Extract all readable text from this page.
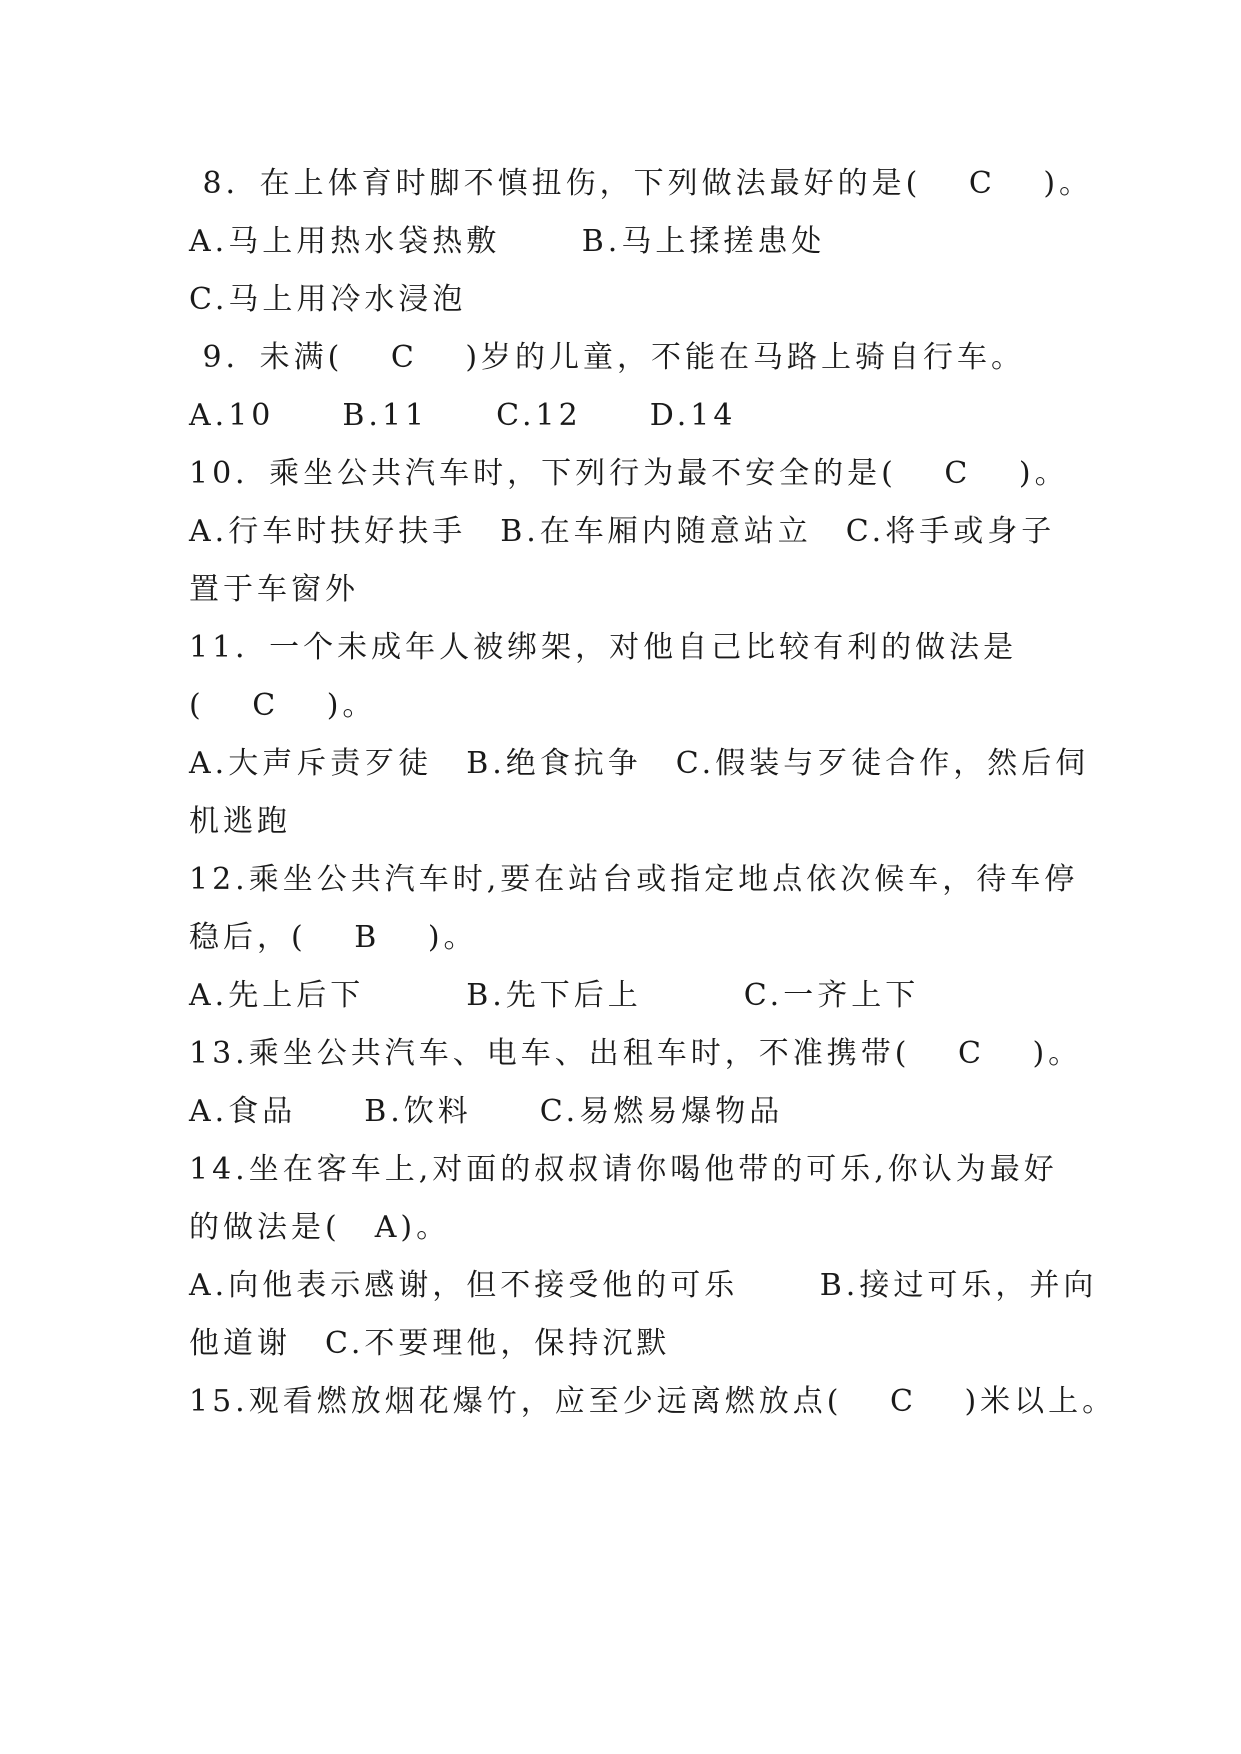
8．在上体育时脚不慎扭伤，下列做法最好的是(　 C 　)。
A.马上用热水袋热敷　　 B.马上揉搓患处
C.马上用冷水浸泡
9．未满(　 C 　)岁的儿童，不能在马路上骑自行车。
A.10　　B.11　　C.12　　D.14
10．乘坐公共汽车时，下列行为最不安全的是(　 C 　)。
A.行车时扶好扶手　B.在车厢内随意站立　C.将手或身子
置于车窗外
11．一个未成年人被绑架，对他自己比较有利的做法是
(　 C 　)。
A.大声斥责歹徒　B.绝食抗争　C.假装与歹徒合作，然后伺
机逃跑
12.乘坐公共汽车时,要在站台或指定地点依次候车，待车停
稳后，(　 B 　)。
A.先上后下　　　B.先下后上　　　C.一齐上下
13.乘坐公共汽车、电车、出租车时，不准携带(　 C 　)。
A.食品　　B.饮料　　C.易燃易爆物品
14.坐在客车上,对面的叔叔请你喝他带的可乐,你认为最好
的做法是(　A)。
A.向他表示感谢，但不接受他的可乐　　 B.接过可乐，并向
他道谢　C.不要理他，保持沉默
15.观看燃放烟花爆竹，应至少远离燃放点(　 C 　)米以上。
